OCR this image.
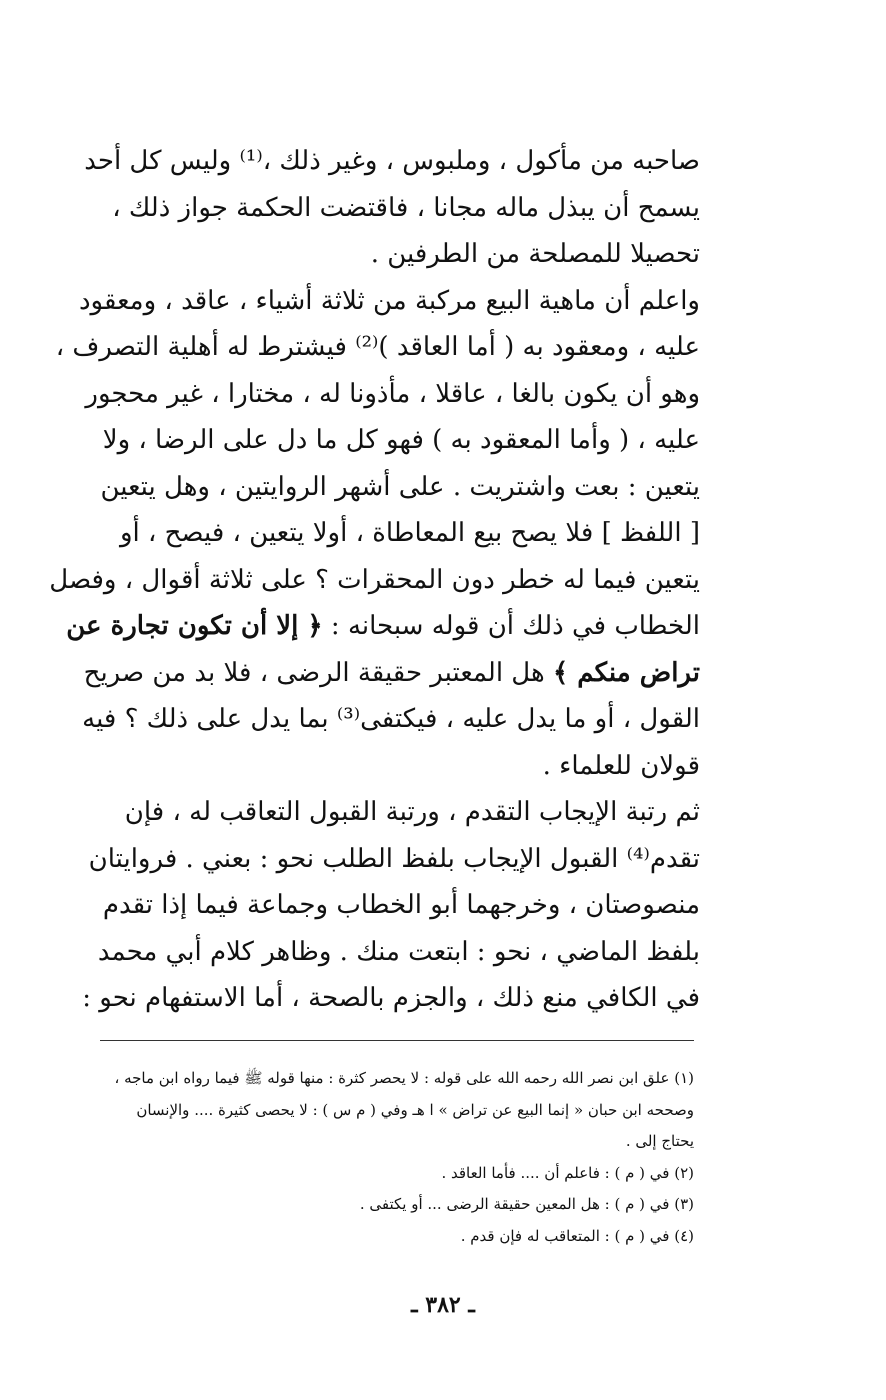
صاحبه من مأكول ، وملبوس ، وغير ذلك ،⁽¹⁾ وليس كل أحد
يسمح أن يبذل ماله مجانا ، فاقتضت الحكمة جواز ذلك ،
تحصيلا للمصلحة من الطرفين .

واعلم أن ماهية البيع مركبة من ثلاثة أشياء ، عاقد ، ومعقود
عليه ، ومعقود به ( أما العاقد )⁽²⁾ فيشترط له أهلية التصرف ،
وهو أن يكون بالغا ، عاقلا ، مأذونا له ، مختارا ، غير محجور
عليه ، ( وأما المعقود به ) فهو كل ما دل على الرضا ، ولا
يتعين : بعت واشتريت . على أشهر الروايتين ، وهل يتعين
[ اللفظ ] فلا يصح بيع المعاطاة ، أولا يتعين ، فيصح ، أو
يتعين فيما له خطر دون المحقرات ؟ على ثلاثة أقوال ، وفصل
الخطاب في ذلك أن قوله سبحانه : ﴿ إلا أن تكون تجارة عن
تراض منكم ﴾ هل المعتبر حقيقة الرضى ، فلا بد من صريح
القول ، أو ما يدل عليه ، فيكتفى⁽³⁾ بما يدل على ذلك ؟ فيه
قولان للعلماء .

ثم رتبة الإيجاب التقدم ، ورتبة القبول التعاقب له ، فإن
تقدم⁽⁴⁾ القبول الإيجاب بلفظ الطلب نحو : بعني . فروايتان
منصوصتان ، وخرجهما أبو الخطاب وجماعة فيما إذا تقدم
بلفظ الماضي ، نحو : ابتعت منك . وظاهر كلام أبي محمد
في الكافي منع ذلك ، والجزم بالصحة ، أما الاستفهام نحو :

(١) علق ابن نصر الله رحمه الله على قوله : لا يحصر كثرة : منها قوله ﷺ فيما رواه ابن ماجه ،
وصححه ابن حبان « إنما البيع عن تراض » ا هـ وفي ( م س ) : لا يحصى كثيرة .... والإنسان
يحتاج إلى .
(٢) في ( م ) : فاعلم أن .... فأما العاقد .
(٣) في ( م ) : هل المعين حقيقة الرضى ... أو يكتفى .
(٤) في ( م ) : المتعاقب له فإن قدم .
ـ ٣٨٢ ـ
